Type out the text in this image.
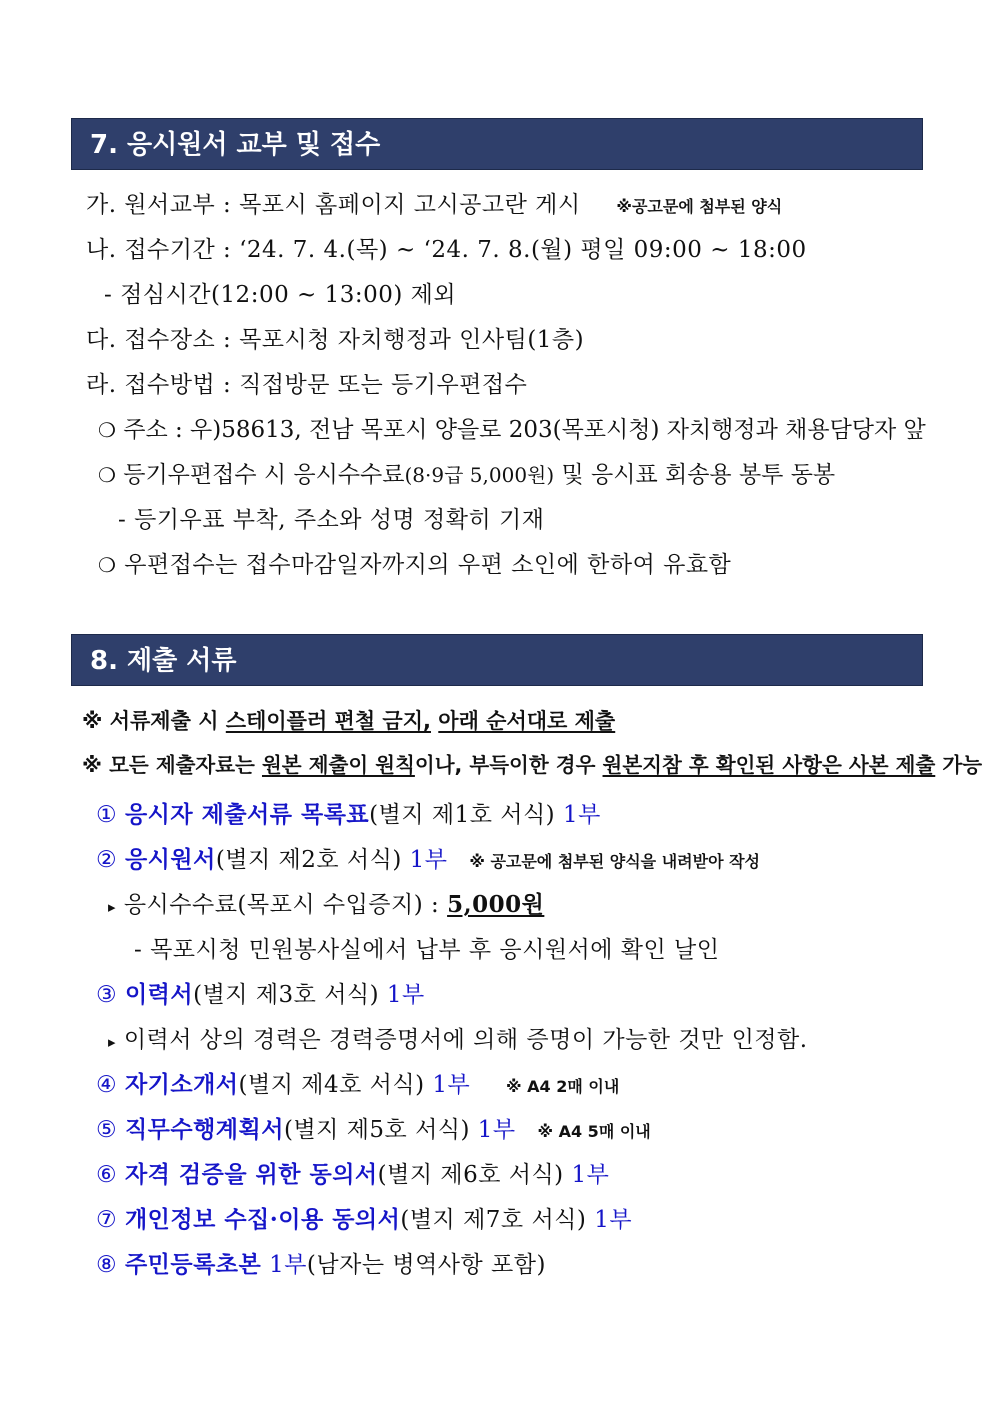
7. 응시원서 교부 및 접수
가. 원서교부 : 목포시 홈페이지 고시공고란 게시 ※공고문에 첨부된 양식
나. 접수기간 : ‘24. 7. 4.(목) ~ ‘24. 7. 8.(월) 평일 09:00 ~ 18:00
- 점심시간(12:00 ~ 13:00) 제외
다. 접수장소 : 목포시청 자치행정과 인사팀(1층)
라. 접수방법 : 직접방문 또는 등기우편접수
❍ 주소 : 우)58613, 전남 목포시 양을로 203(목포시청) 자치행정과 채용담당자 앞
❍ 등기우편접수 시 응시수수료(8·9급 5,000원) 및 응시표 회송용 봉투 동봉
- 등기우표 부착, 주소와 성명 정확히 기재
❍ 우편접수는 접수마감일자까지의 우편 소인에 한하여 유효함
8. 제출 서류
※ 서류제출 시 스테이플러 편철 금지, 아래 순서대로 제출
※ 모든 제출자료는 원본 제출이 원칙이나, 부득이한 경우 원본지참 후 확인된 사항은 사본 제출 가능
① 응시자 제출서류 목록표(별지 제1호 서식) 1부
② 응시원서(별지 제2호 서식) 1부 ※ 공고문에 첨부된 양식을 내려받아 작성
▸ 응시수수료(목포시 수입증지) : 5,000원
- 목포시청 민원봉사실에서 납부 후 응시원서에 확인 날인
③ 이력서(별지 제3호 서식) 1부
▸ 이력서 상의 경력은 경력증명서에 의해 증명이 가능한 것만 인정함.
④ 자기소개서(별지 제4호 서식) 1부 ※ A4 2매 이내
⑤ 직무수행계획서(별지 제5호 서식) 1부 ※ A4 5매 이내
⑥ 자격 검증을 위한 동의서(별지 제6호 서식) 1부
⑦ 개인정보 수집·이용 동의서(별지 제7호 서식) 1부
⑧ 주민등록초본 1부(남자는 병역사항 포함)
